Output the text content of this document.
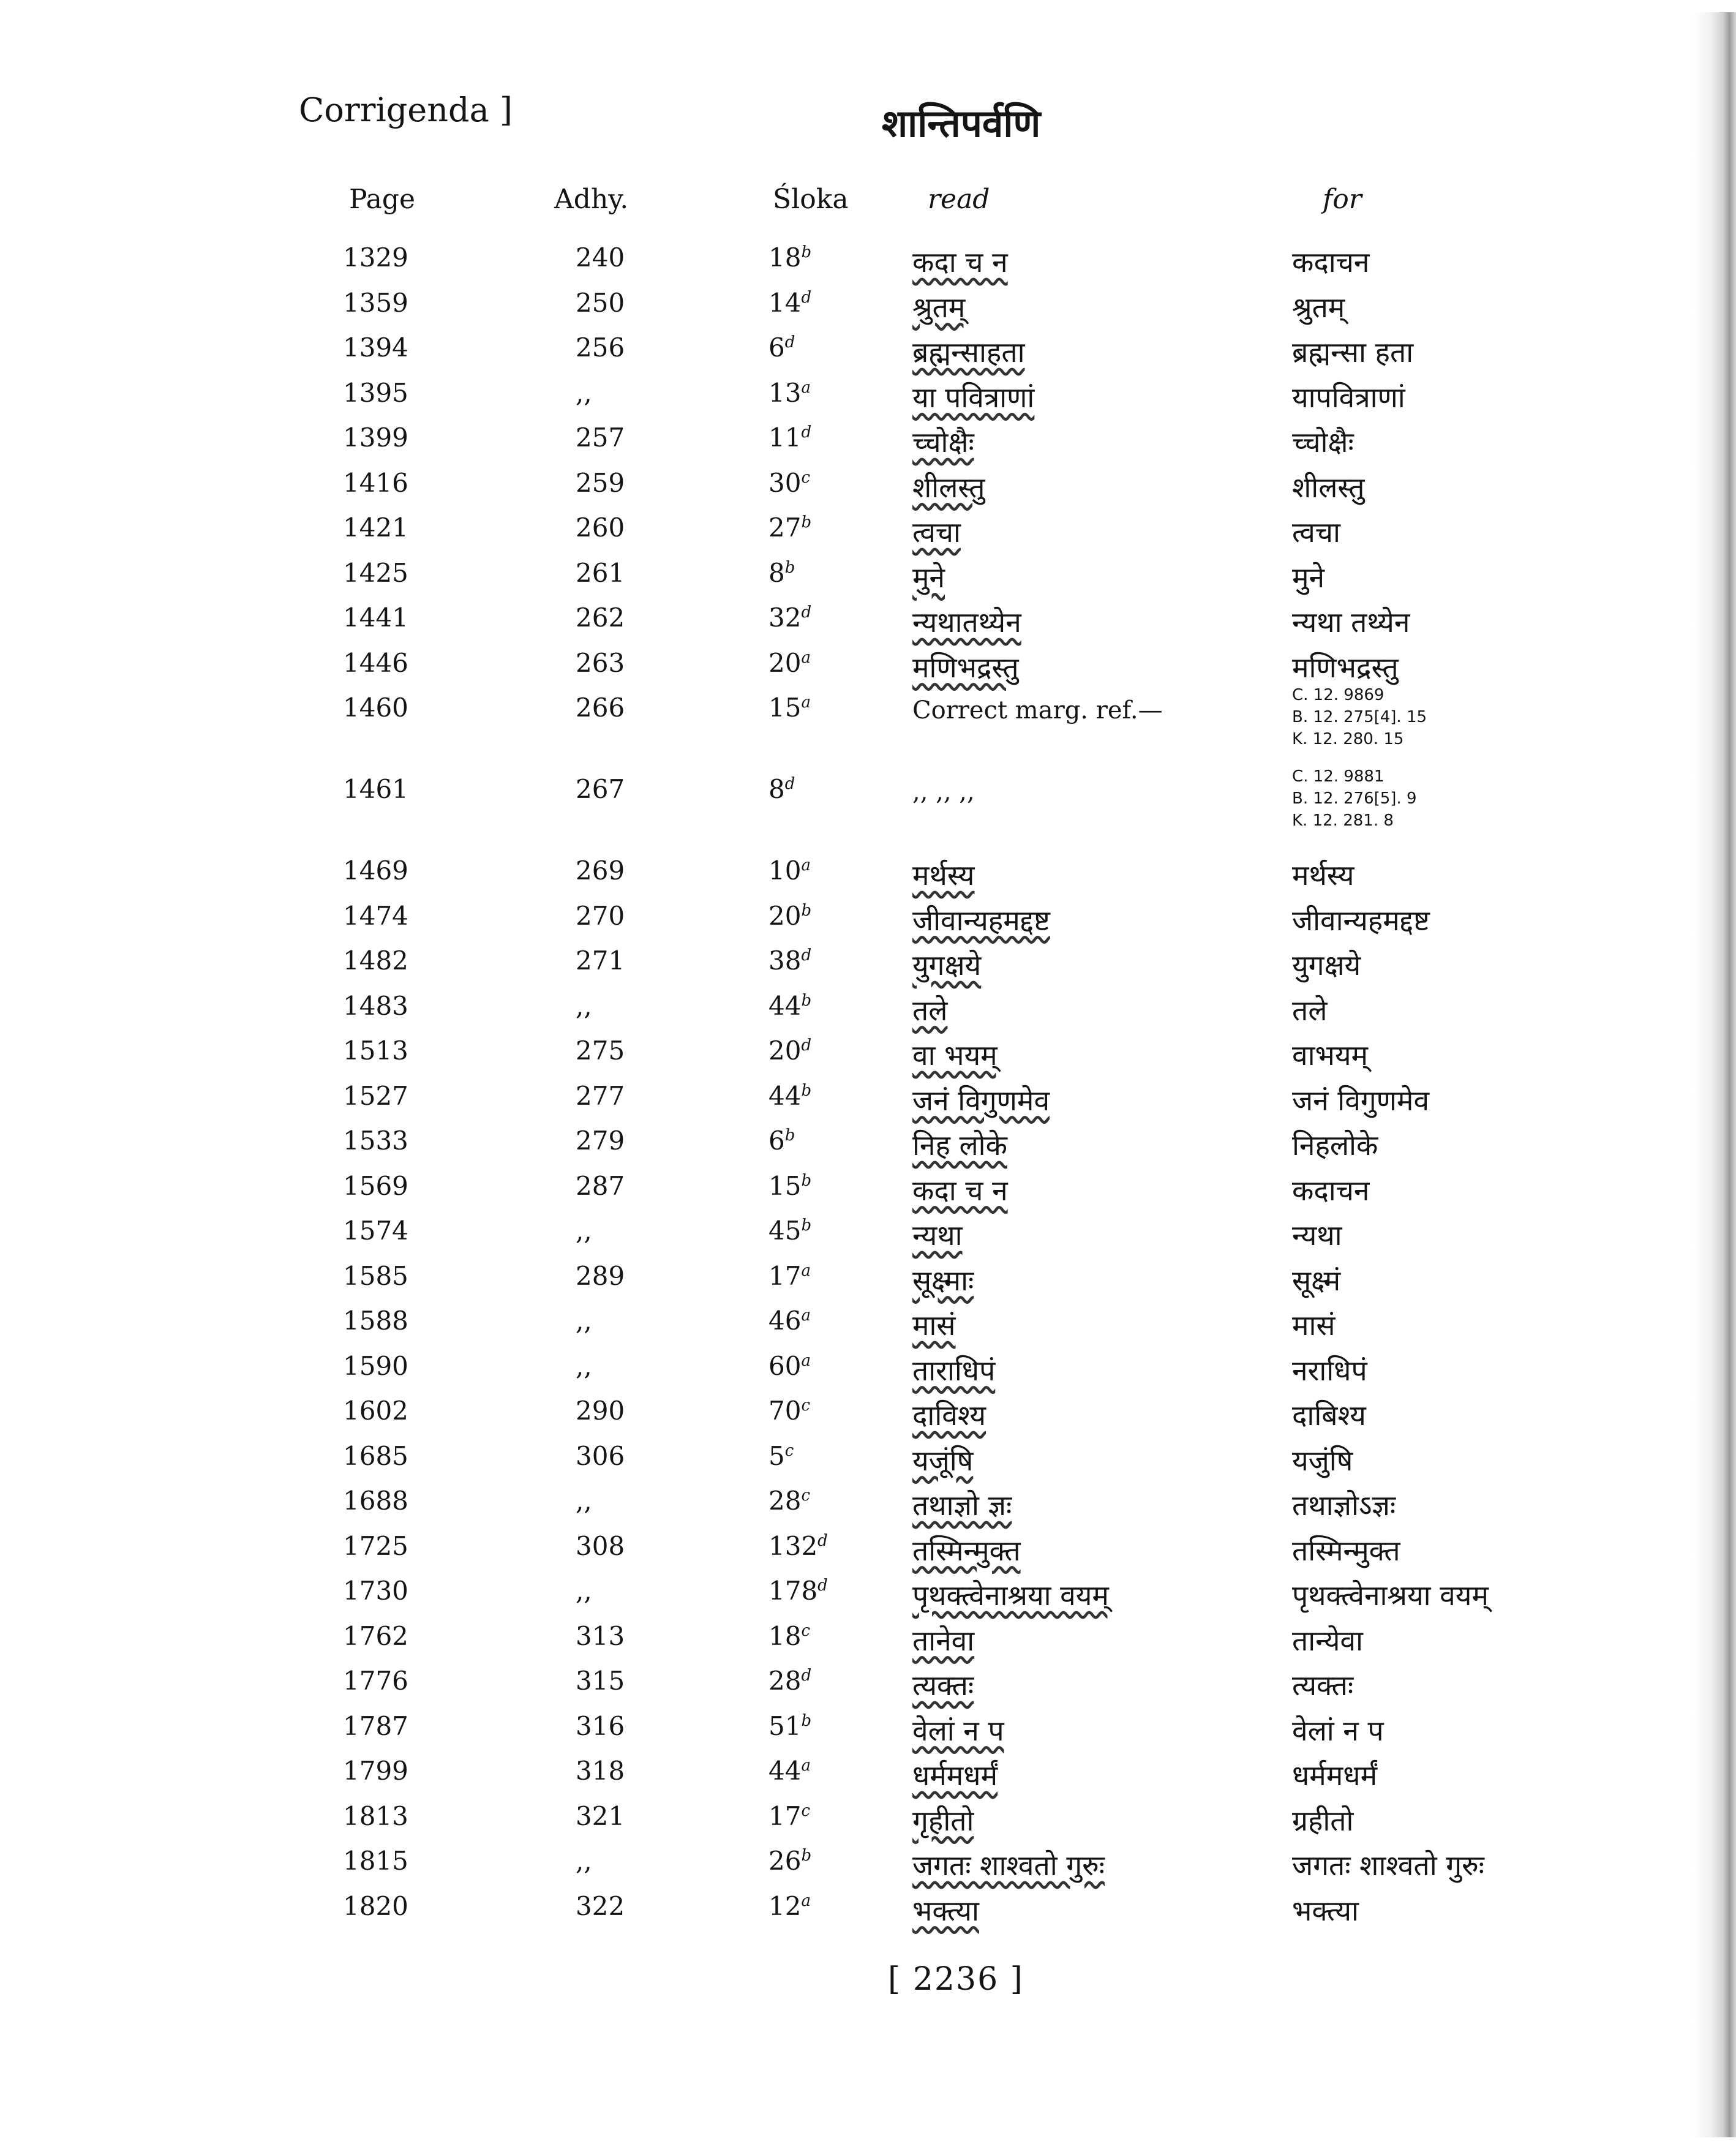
Corrigenda ]	शान्तिपर्वणि
Page	Adhy.	Śloka	read	for
1329	240	18$^b$	कदा च न	कदाचन
1359	250	14$^d$	श्रुतम्	श्रुतम्
1394	256	6$^d$	ब्रह्मन्साहता	ब्रह्मन्सा हता
1395	,,	13$^a$	या पवित्राणां	यापवित्राणां
1399	257	11$^d$	च्चोक्षैः	च्चोक्षैः
1416	259	30$^c$	शीलस्तु	शीलस्तु
1421	260	27$^b$	त्वचा	त्वचा
1425	261	8$^b$	मुने	मुने
1441	262	32$^d$	न्यथातथ्येन	न्यथा तथ्येन
1446	263	20$^a$	मणिभद्रस्तु	मणिभद्रस्तु
1460	266	15$^a$	Correct marg. ref.—
C. 12. 9869
B. 12. 275[4]. 15
K. 12. 280. 15
1461	267	8$^d$	,, ,, ,,
C. 12. 9881
B. 12. 276[5]. 9
K. 12. 281. 8
1469	269	10$^a$	मर्थस्य	मर्थस्य
1474	270	20$^b$	जीवान्यहमद्दष्ट	जीवान्यहमद्दष्ट
1482	271	38$^d$	युगक्षये	युगक्षये
1483	,,	44$^b$	तले	तले
1513	275	20$^d$	वा भयम्	वाभयम्
1527	277	44$^b$	जनं विगुणमेव	जनं विगुणमेव
1533	279	6$^b$	निह लोके	निहलोके
1569	287	15$^b$	कदा च न	कदाचन
1574	,,	45$^b$	न्यथा	न्यथा
1585	289	17$^a$	सूक्ष्माः	सूक्ष्मं
1588	,,	46$^a$	मासं	मासं
1590	,,	60$^a$	ताराधिपं	नराधिपं
1602	290	70$^c$	दाविश्य	दाबिश्य
1685	306	5$^c$	यजूंषि	यजुंषि
1688	,,	28$^c$	तथाज्ञो ज्ञः	तथाज्ञोऽज्ञः
1725	308	132$^d$	तस्मिन्मुक्त	तस्मिन्मुक्त
1730	,,	178$^d$	पृथक्त्वेनाश्रया वयम्	पृथक्त्वेनाश्रया वयम्
1762	313	18$^c$	तानेवा	तान्येवा
1776	315	28$^d$	त्यक्तः	त्यक्तः
1787	316	51$^b$	वेलां न प	वेलां न प
1799	318	44$^a$	धर्ममधर्मं	धर्ममधर्मं
1813	321	17$^c$	गृहीतो	ग्रहीतो
1815	,,	26$^b$	जगतः शाश्वतो गुरुः	जगतः शाश्वतो गुरुः
1820	322	12$^a$	भक्त्या	भक्त्या
[ 2236 ]
